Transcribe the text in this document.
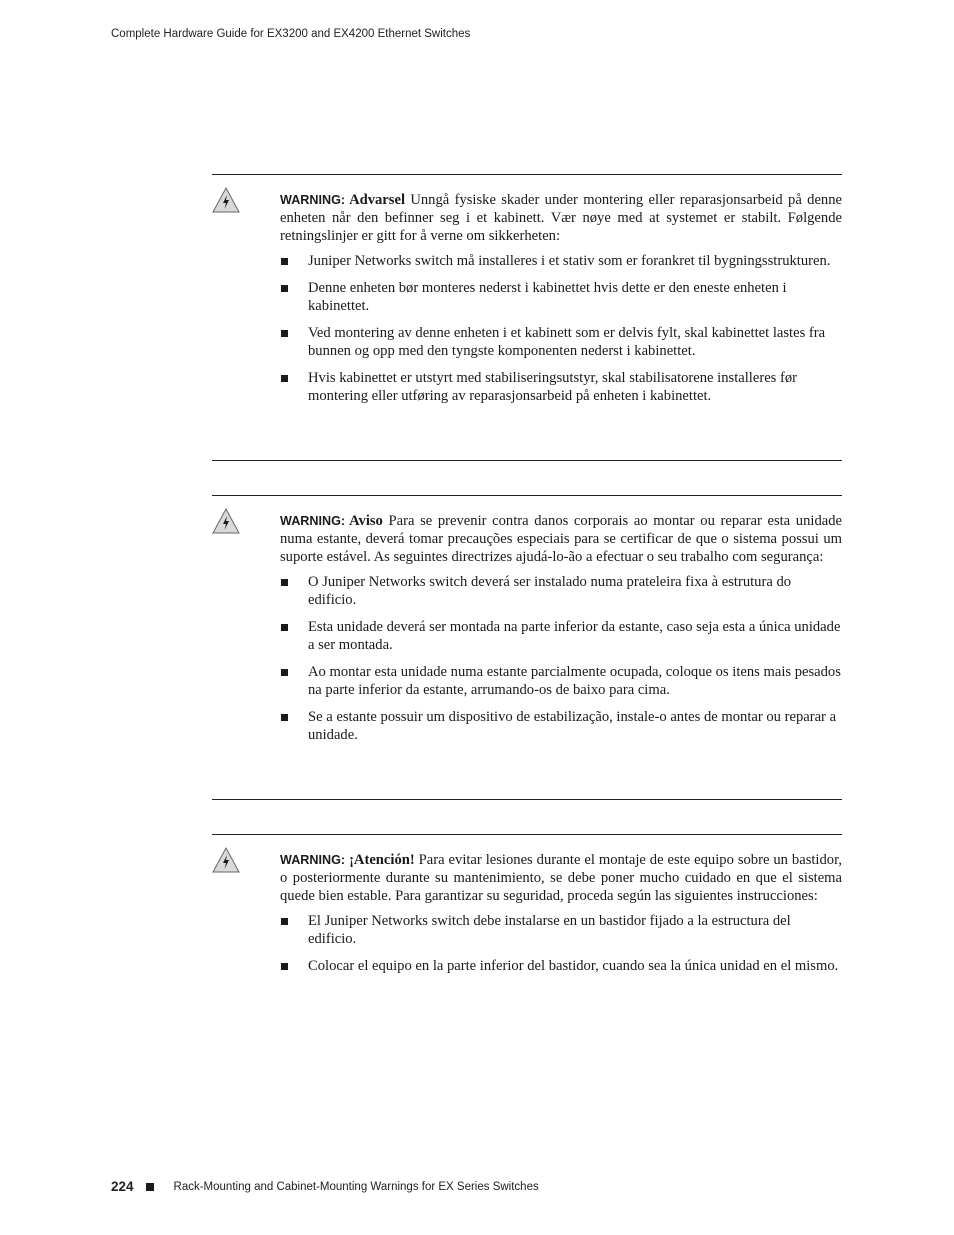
Complete Hardware Guide for EX3200 and EX4200 Ethernet Switches

WARNING: Advarsel Unngå fysiske skader under montering eller reparasjonsarbeid på denne enheten når den befinner seg i et kabinett. Vær nøye med at systemet er stabilt. Følgende retningslinjer er gitt for å verne om sikkerheten:

Juniper Networks switch må installeres i et stativ som er forankret til bygningsstrukturen.
Denne enheten bør monteres nederst i kabinettet hvis dette er den eneste enheten i kabinettet.
Ved montering av denne enheten i et kabinett som er delvis fylt, skal kabinettet lastes fra bunnen og opp med den tyngste komponenten nederst i kabinettet.
Hvis kabinettet er utstyrt med stabiliseringsutstyr, skal stabilisatorene installeres før montering eller utføring av reparasjonsarbeid på enheten i kabinettet.

WARNING: Aviso Para se prevenir contra danos corporais ao montar ou reparar esta unidade numa estante, deverá tomar precauções especiais para se certificar de que o sistema possui um suporte estável. As seguintes directrizes ajudá-lo-ão a efectuar o seu trabalho com segurança:

O Juniper Networks switch deverá ser instalado numa prateleira fixa à estrutura do edificio.
Esta unidade deverá ser montada na parte inferior da estante, caso seja esta a única unidade a ser montada.
Ao montar esta unidade numa estante parcialmente ocupada, coloque os itens mais pesados na parte inferior da estante, arrumando-os de baixo para cima.
Se a estante possuir um dispositivo de estabilização, instale-o antes de montar ou reparar a unidade.

WARNING: ¡Atención! Para evitar lesiones durante el montaje de este equipo sobre un bastidor, o posteriormente durante su mantenimiento, se debe poner mucho cuidado en que el sistema quede bien estable. Para garantizar su seguridad, proceda según las siguientes instrucciones:

El Juniper Networks switch debe instalarse en un bastidor fijado a la estructura del edificio.
Colocar el equipo en la parte inferior del bastidor, cuando sea la única unidad en el mismo.
224	Rack-Mounting and Cabinet-Mounting Warnings for EX Series Switches
